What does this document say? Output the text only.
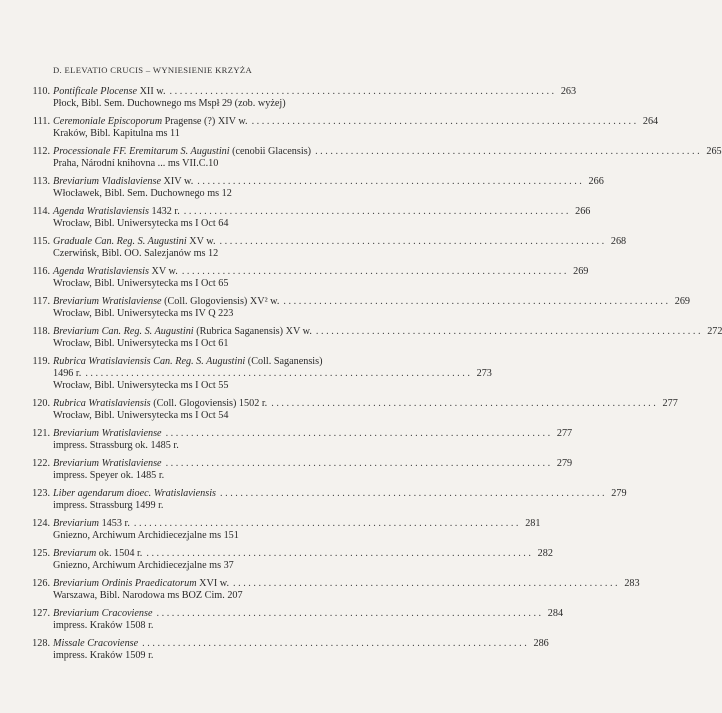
D. ELEVATIO CRUCIS – WYNIESIENIE KRZYŻA
110. Pontificale Plocense XII w. . . .	263
Płock, Bibl. Sem. Duchownego ms Mspł 29 (zob. wyżej)
111. Ceremoniale Episcoporum Pragense (?) XIV w. . . .	264
Kraków, Bibl. Kapitulna ms 11
112. Processionale FF. Eremitarum S. Augustini (cenobii Glacensis) . . .	265
Praha, Národní knihovna ... ms VII.C.10
113. Breviarium Vladislaviense XIV w. . . .	266
Włocławek, Bibl. Sem. Duchownego ms 12
114. Agenda Wratislaviensis 1432 r. . . .	266
Wrocław, Bibl. Uniwersytecka ms I Oct 64
115. Graduale Can. Reg. S. Augustini XV w. . . .	268
Czerwińsk, Bibl. OO. Salezjanów ms 12
116. Agenda Wratislaviensis XV w. . . .	269
Wrocław, Bibl. Uniwersytecka ms I Oct 65
117. Breviarium Wratislaviense (Coll. Glogoviensis) XV² w. . . .	269
Wrocław, Bibl. Uniwersytecka ms IV Q 223
118. Breviarium Can. Reg. S. Augustini (Rubrica Saganensis) XV w. . . .	272
Wrocław, Bibl. Uniwersytecka ms I Oct 61
119. Rubrica Wratislaviensis Can. Reg. S. Augustini (Coll. Saganensis)
1496 r. . . .	273
Wrocław, Bibl. Uniwersytecka ms I Oct 55
120. Rubrica Wratislaviensis (Coll. Glogoviensis) 1502 r. . . .	277
Wrocław, Bibl. Uniwersytecka ms I Oct 54
121. Breviarium Wratislaviense . . .	277
impress. Strassburg ok. 1485 r.
122. Breviarium Wratislaviense . . .	279
impress. Speyer ok. 1485 r.
123. Liber agendarum dioec. Wratislaviensis . . .	279
impress. Strassburg 1499 r.
124. Breviarium 1453 r. . . .	281
Gniezno, Archiwum Archidiecezjalne ms 151
125. Breviarum ok. 1504 r. . . .	282
Gniezno, Archiwum Archidiecezjalne ms 37
126. Breviarium Ordinis Praedicatorum XVI w. . . .	283
Warszawa, Bibl. Narodowa ms BOZ Cim. 207
127. Breviarium Cracoviense . . .	284
impress. Kraków 1508 r.
128. Missale Cracoviense . . .	286
impress. Kraków 1509 r.
